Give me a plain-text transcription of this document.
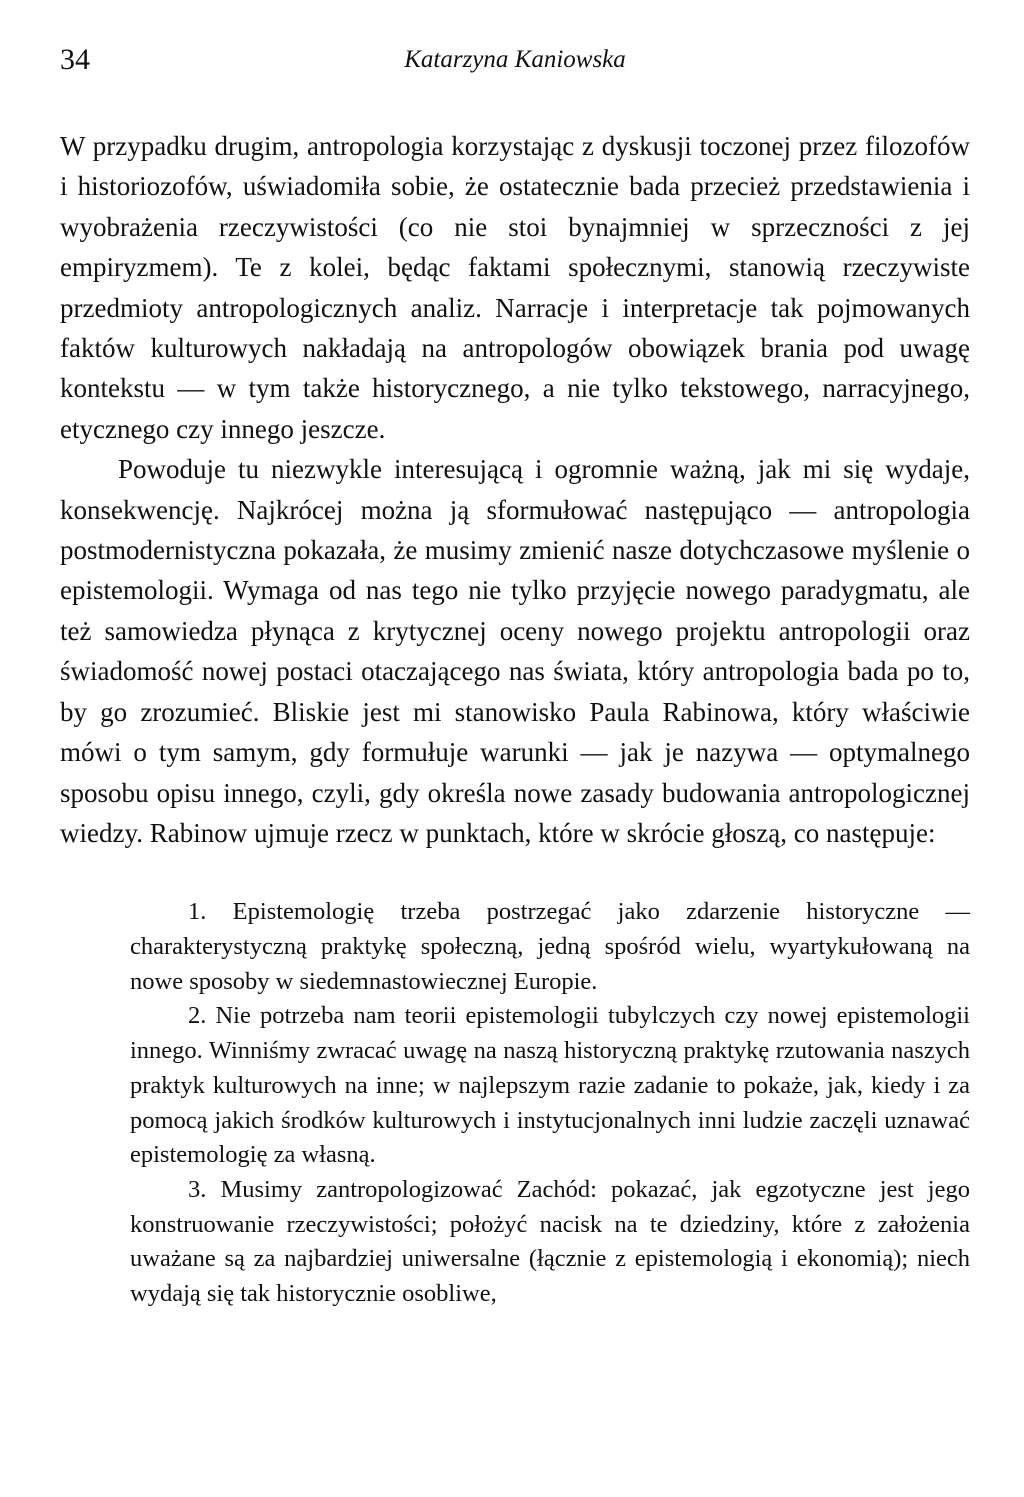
34	Katarzyna Kaniowska

W przypadku drugim, antropologia korzystając z dyskusji toczonej przez filozofów i historiozofów, uświadomiła sobie, że ostatecznie bada przecież przedstawienia i wyobrażenia rzeczywistości (co nie stoi bynajmniej w sprzeczności z jej empiryzmem). Te z kolei, będąc faktami społecznymi, stanowią rzeczywiste przedmioty antropologicznych analiz. Narracje i interpretacje tak pojmowanych faktów kulturowych nakładają na antropologów obowiązek brania pod uwagę kontekstu — w tym także historycznego, a nie tylko tekstowego, narracyjnego, etycznego czy innego jeszcze.

Powoduje tu niezwykle interesującą i ogromnie ważną, jak mi się wydaje, konsekwencję. Najkrócej można ją sformułować następująco — antropologia postmodernistyczna pokazała, że musimy zmienić nasze dotychczasowe myślenie o epistemologii. Wymaga od nas tego nie tylko przyjęcie nowego paradygmatu, ale też samowiedza płynąca z krytycznej oceny nowego projektu antropologii oraz świadomość nowej postaci otaczającego nas świata, który antropologia bada po to, by go zrozumieć. Bliskie jest mi stanowisko Paula Rabinowa, który właściwie mówi o tym samym, gdy formułuje warunki — jak je nazywa — optymalnego sposobu opisu innego, czyli, gdy określa nowe zasady budowania antropologicznej wiedzy. Rabinow ujmuje rzecz w punktach, które w skrócie głoszą, co następuje:

1. Epistemologię trzeba postrzegać jako zdarzenie historyczne — charakterystyczną praktykę społeczną, jedną spośród wielu, wyartykułowaną na nowe sposoby w siedemnastowiecznej Europie.

2. Nie potrzeba nam teorii epistemologii tubylczych czy nowej epistemologii innego. Winniśmy zwracać uwagę na naszą historyczną praktykę rzutowania naszych praktyk kulturowych na inne; w najlepszym razie zadanie to pokaże, jak, kiedy i za pomocą jakich środków kulturowych i instytucjonalnych inni ludzie zaczęli uznawać epistemologię za własną.

3. Musimy zantropologizować Zachód: pokazać, jak egzotyczne jest jego konstruowanie rzeczywistości; położyć nacisk na te dziedziny, które z założenia uważane są za najbardziej uniwersalne (łącznie z epistemologią i ekonomią); niech wydają się tak historycznie osobliwe,
